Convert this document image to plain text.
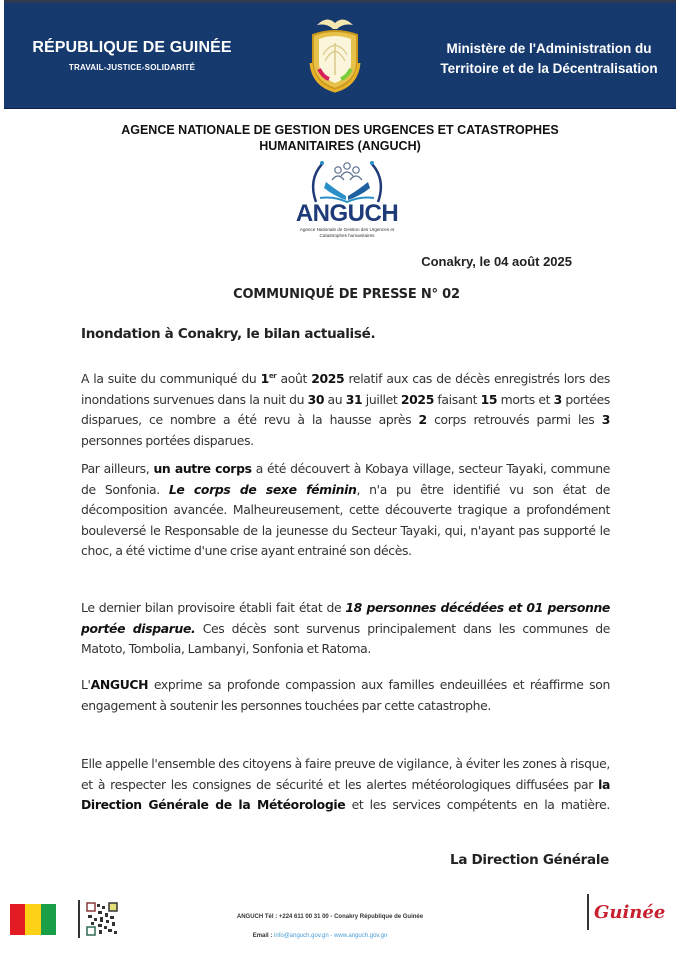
RÉPUBLIQUE DE GUINÉE
TRAVAIL-JUSTICE-SOLIDARITÉ
Ministère de l'Administration du
Territoire et de la Décentralisation
AGENCE NATIONALE DE GESTION DES URGENCES ET CATASTROPHES
HUMANITAIRES (ANGUCH)
ANGUCH
Agence Nationale de Gestion des Urgences et
Catastrophes humanitaires
Conakry, le 04 août 2025
COMMUNIQUÉ DE PRESSE N° 02
Inondation à Conakry, le bilan actualisé.

A la suite du communiqué du 1er août 2025 relatif aux cas de décès enregistrés lors des inondations survenues dans la nuit du 30 au 31 juillet 2025 faisant 15 morts et 3 portées disparues, ce nombre a été revu à la hausse après 2 corps retrouvés parmi les 3 personnes portées disparues.

Par ailleurs, un autre corps a été découvert à Kobaya village, secteur Tayaki, commune de Sonfonia. Le corps de sexe féminin, n'a pu être identifié vu son état de décomposition avancée. Malheureusement, cette découverte tragique a profondément bouleversé le Responsable de la jeunesse du Secteur Tayaki, qui, n'ayant pas supporté le choc, a été victime d'une crise ayant entrainé son décès.

Le dernier bilan provisoire établi fait état de 18 personnes décédées et 01 personne portée disparue. Ces décès sont survenus principalement dans les communes de Matoto, Tombolia, Lambanyi, Sonfonia et Ratoma.

L'ANGUCH exprime sa profonde compassion aux familles endeuillées et réaffirme son engagement à soutenir les personnes touchées par cette catastrophe.

Elle appelle l'ensemble des citoyens à faire preuve de vigilance, à éviter les zones à risque, et à respecter les consignes de sécurité et les alertes météorologiques diffusées par la Direction Générale de la Météorologie et les services compétents en la matière.

La Direction Générale
ANGUCH Tél : +224 611 00 31 00 - Conakry République de Guinée
Email : info@anguch.gov.gn - www.anguch.gov.gn
Guinée
